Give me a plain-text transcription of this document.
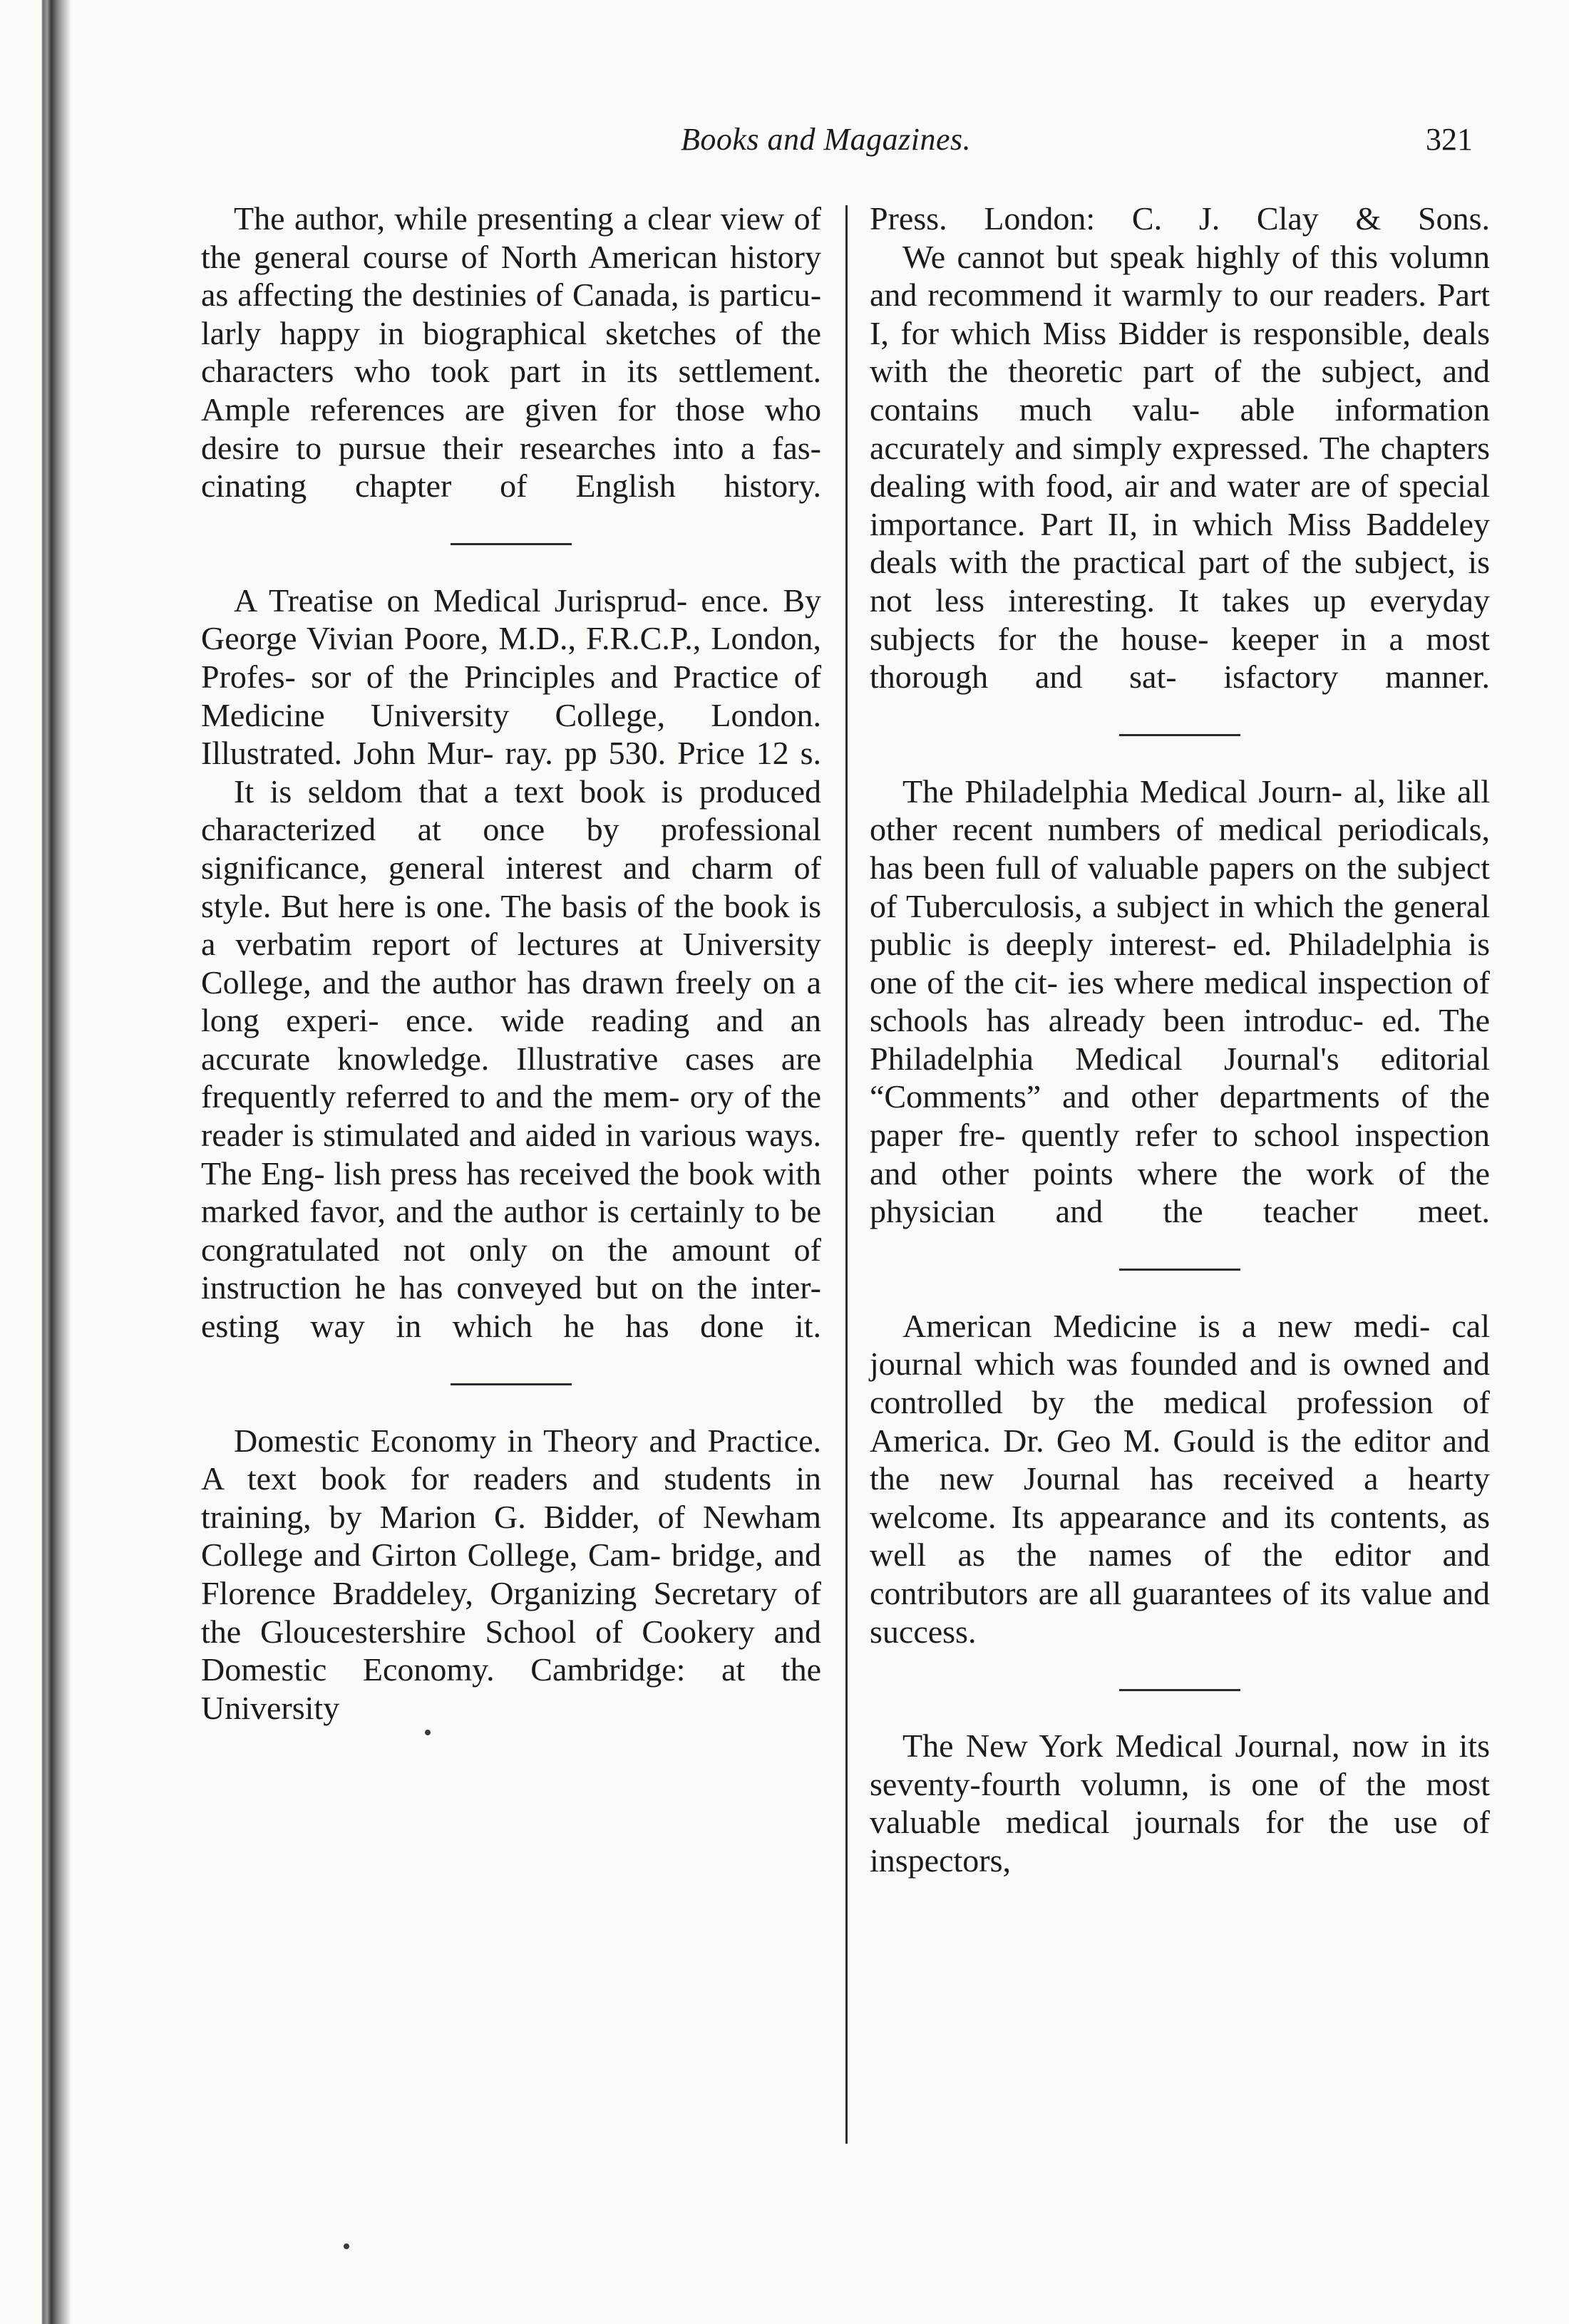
Books and Magazines.	321

The author, while presenting a clear view of the general course of North American history as affecting the destinies of Canada, is particu- larly happy in biographical sketches of the characters who took part in its settlement. Ample references are given for those who desire to pursue their researches into a fas- cinating chapter of English history.

A Treatise on Medical Jurisprud- ence. By George Vivian Poore, M.D., F.R.C.P., London, Profes- sor of the Principles and Practice of Medicine University College, London. Illustrated. John Mur- ray. pp 530. Price 12 s.

It is seldom that a text book is produced characterized at once by professional significance, general interest and charm of style. But here is one. The basis of the book is a verbatim report of lectures at University College, and the author has drawn freely on a long experi- ence. wide reading and an accurate knowledge. Illustrative cases are frequently referred to and the mem- ory of the reader is stimulated and aided in various ways. The Eng- lish press has received the book with marked favor, and the author is certainly to be congratulated not only on the amount of instruction he has conveyed but on the inter- esting way in which he has done it.

Domestic Economy in Theory and Practice. A text book for readers and students in training, by Marion G. Bidder, of Newham College and Girton College, Cam- bridge, and Florence Braddeley, Organizing Secretary of the Gloucestershire School of Cookery and Domestic Economy. Cambridge: at the University

Press. London: C. J. Clay & Sons.

We cannot but speak highly of this volumn and recommend it warmly to our readers. Part I, for which Miss Bidder is responsible, deals with the theoretic part of the subject, and contains much valu- able information accurately and simply expressed. The chapters dealing with food, air and water are of special importance. Part II, in which Miss Baddeley deals with the practical part of the subject, is not less interesting. It takes up everyday subjects for the house- keeper in a most thorough and sat- isfactory manner.

The Philadelphia Medical Journ- al, like all other recent numbers of medical periodicals, has been full of valuable papers on the subject of Tuberculosis, a subject in which the general public is deeply interest- ed. Philadelphia is one of the cit- ies where medical inspection of schools has already been introduc- ed. The Philadelphia Medical Journal's editorial “Comments” and other departments of the paper fre- quently refer to school inspection and other points where the work of the physician and the teacher meet.

American Medicine is a new medi- cal journal which was founded and is owned and controlled by the medical profession of America. Dr. Geo M. Gould is the editor and the new Journal has received a hearty welcome. Its appearance and its contents, as well as the names of the editor and contributors are all guarantees of its value and success.

The New York Medical Journal, now in its seventy-fourth volumn, is one of the most valuable medical journals for the use of inspectors,
